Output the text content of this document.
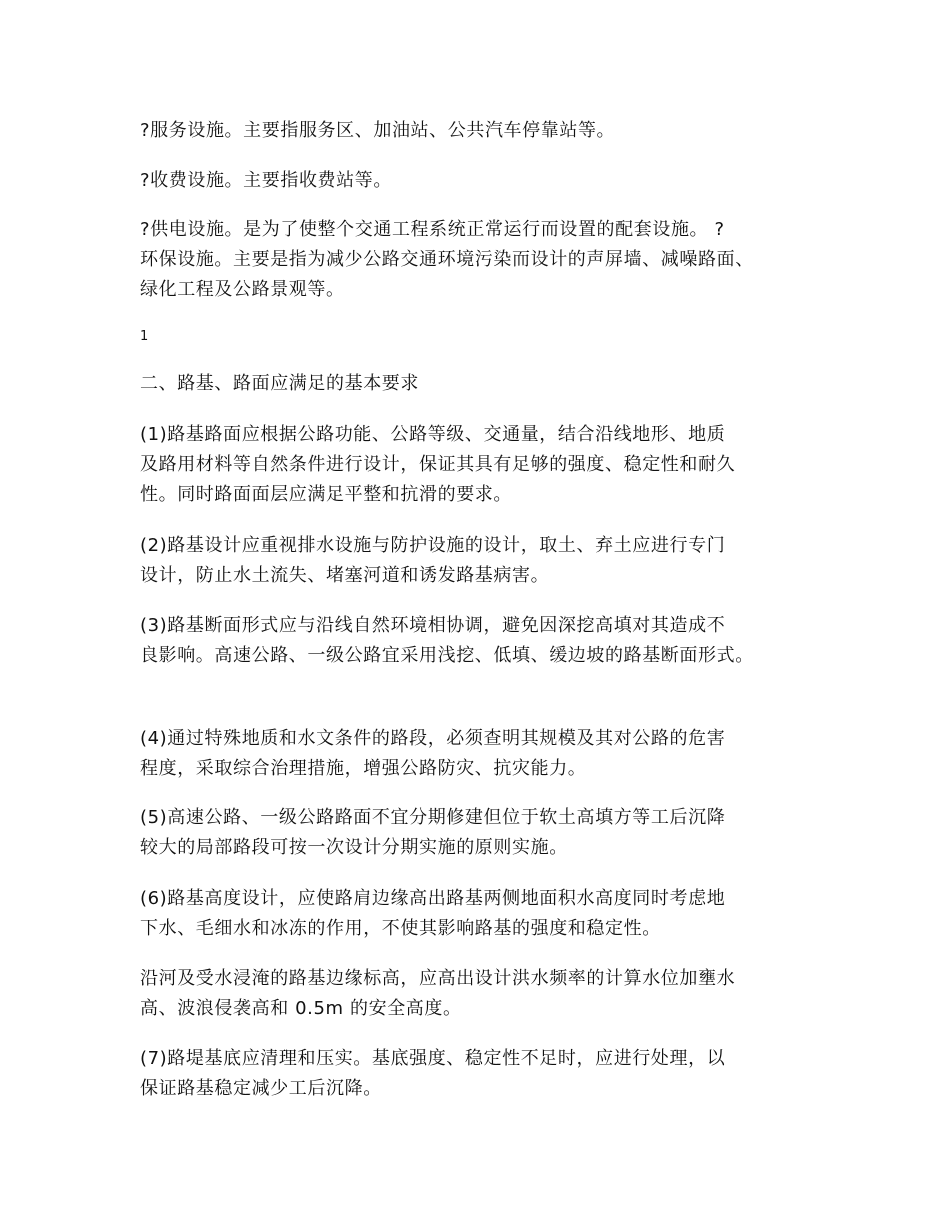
?服务设施。主要指服务区、加油站、公共汽车停靠站等。

?收费设施。主要指收费站等。

?供电设施。是为了使整个交通工程系统正常运行而设置的配套设施。 ?
环保设施。主要是指为减少公路交通环境污染而设计的声屏墙、减噪路面、
绿化工程及公路景观等。

1

二、路基、路面应满足的基本要求

(1)路基路面应根据公路功能、公路等级、交通量，结合沿线地形、地质
及路用材料等自然条件进行设计，保证其具有足够的强度、稳定性和耐久
性。同时路面面层应满足平整和抗滑的要求。

(2)路基设计应重视排水设施与防护设施的设计，取土、弃土应进行专门
设计，防止水土流失、堵塞河道和诱发路基病害。

(3)路基断面形式应与沿线自然环境相协调，避免因深挖高填对其造成不
良影响。高速公路、一级公路宜采用浅挖、低填、缓边坡的路基断面形式。

(4)通过特殊地质和水文条件的路段，必须查明其规模及其对公路的危害
程度，采取综合治理措施，增强公路防灾、抗灾能力。

(5)高速公路、一级公路路面不宜分期修建但位于软土高填方等工后沉降
较大的局部路段可按一次设计分期实施的原则实施。

(6)路基高度设计，应使路肩边缘高出路基两侧地面积水高度同时考虑地
下水、毛细水和冰冻的作用，不使其影响路基的强度和稳定性。

沿河及受水浸淹的路基边缘标高，应高出设计洪水频率的计算水位加壅水
高、波浪侵袭高和 0.5m 的安全高度。

(7)路堤基底应清理和压实。基底强度、稳定性不足时，应进行处理，以
保证路基稳定减少工后沉降。
